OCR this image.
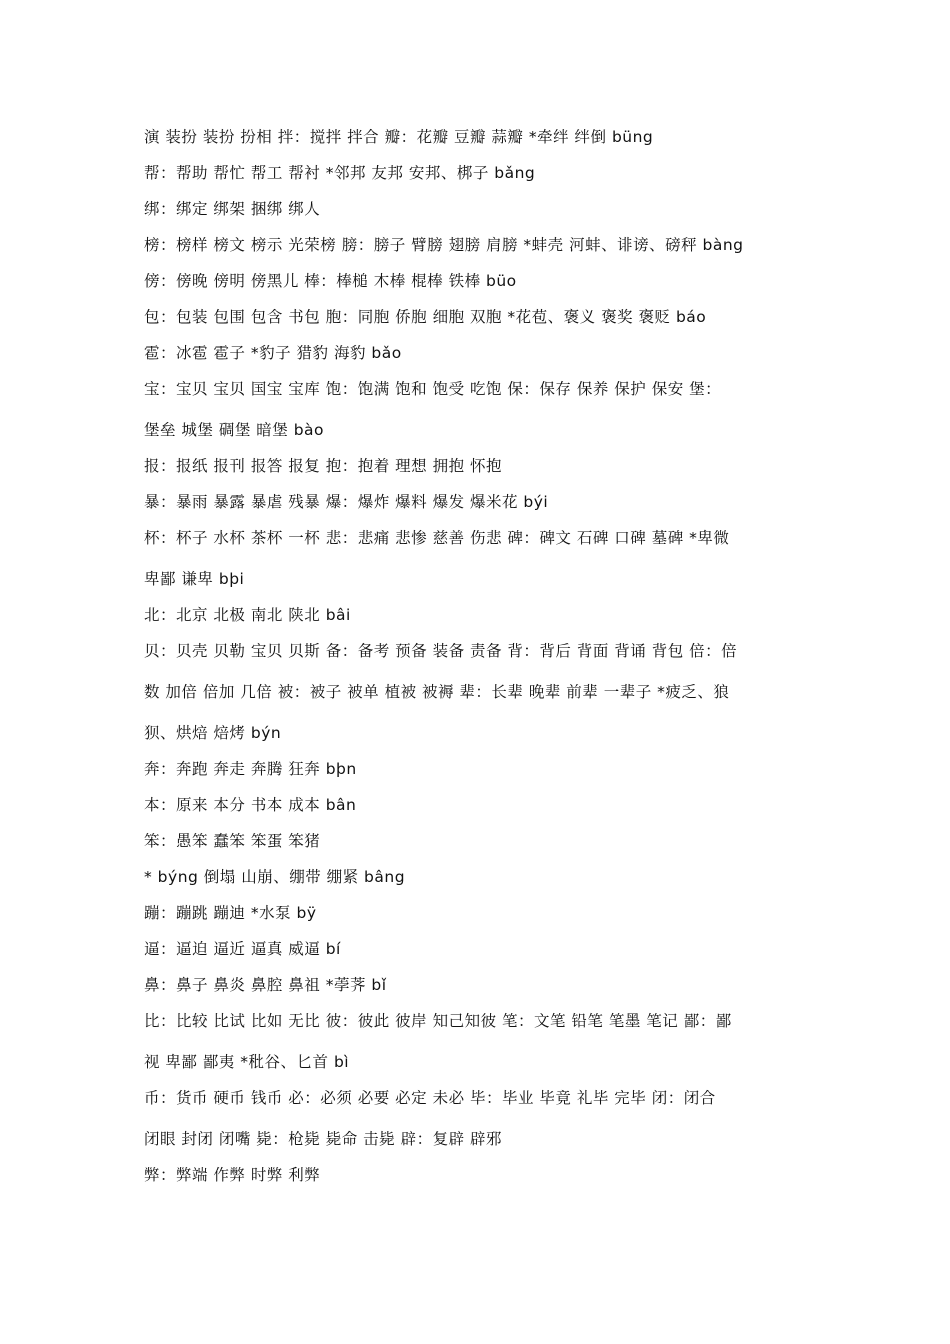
演 装扮 装扮 扮相 拌：搅拌 拌合 瓣：花瓣 豆瓣 蒜瓣 *牵绊 绊倒 büng
帮：帮助 帮忙 帮工 帮衬 *邻邦 友邦 安邦、梆子 bǎng
绑：绑定 绑架 捆绑 绑人
榜：榜样 榜文 榜示 光荣榜 膀：膀子 臂膀 翅膀 肩膀 *蚌壳 河蚌、诽谤、磅秤 bàng
傍：傍晚 傍明 傍黑儿 棒：棒槌 木棒 棍棒 铁棒 büo
包：包装 包围 包含 书包 胞：同胞 侨胞 细胞 双胞 *花苞、褒义 褒奖 褒贬 báo
雹：冰雹 雹子 *豹子 猎豹 海豹 bǎo
宝：宝贝 宝贝 国宝 宝库 饱：饱满 饱和 饱受 吃饱 保：保存 保养 保护 保安 堡：
堡垒 城堡 碉堡 暗堡 bào
报：报纸 报刊 报答 报复 抱：抱着 理想 拥抱 怀抱
暴：暴雨 暴露 暴虐 残暴 爆：爆炸 爆料 爆发 爆米花 býi
杯：杯子 水杯 茶杯 一杯 悲：悲痛 悲惨 慈善 伤悲 碑：碑文 石碑 口碑 墓碑 *卑微
卑鄙 谦卑 bþi
北：北京 北极 南北 陕北 bâi
贝：贝壳 贝勒 宝贝 贝斯 备：备考 预备 装备 责备 背：背后 背面 背诵 背包 倍：倍
数 加倍 倍加 几倍 被：被子 被单 植被 被褥 辈：长辈 晚辈 前辈 一辈子 *疲乏、狼
狈、烘焙 焙烤 býn
奔：奔跑 奔走 奔腾 狂奔 bþn
本：原来 本分 书本 成本 bân
笨：愚笨 蠢笨 笨蛋 笨猪
* býng 倒塌 山崩、绷带 绷紧 bâng
蹦：蹦跳 蹦迪 *水泵 bÿ
逼：逼迫 逼近 逼真 威逼 bí
鼻：鼻子 鼻炎 鼻腔 鼻祖 *荸荠 bǐ
比：比较 比试 比如 无比 彼：彼此 彼岸 知己知彼 笔：文笔 铅笔 笔墨 笔记 鄙：鄙
视 卑鄙 鄙夷 *秕谷、匕首 bì
币：货币 硬币 钱币 必：必须 必要 必定 未必 毕：毕业 毕竟 礼毕 完毕 闭：闭合
闭眼 封闭 闭嘴 毙：枪毙 毙命 击毙 辟：复辟 辟邪
弊：弊端 作弊 时弊 利弊
